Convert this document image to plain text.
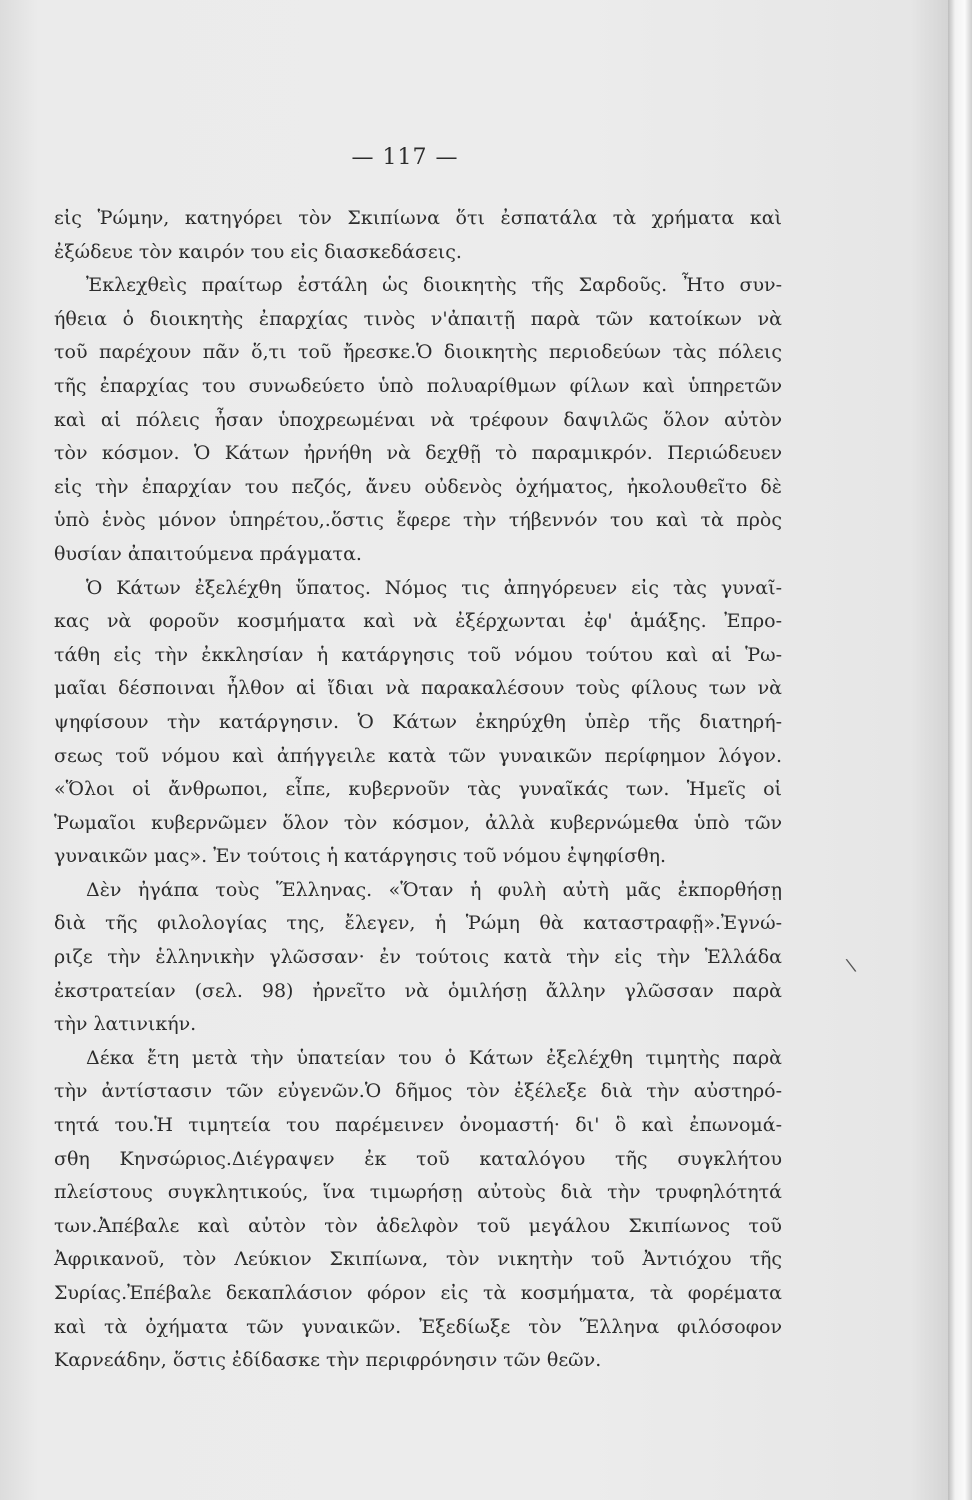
— 117 —
εἰς Ῥώμην, κατηγόρει τὸν Σκιπίωνα ὅτι ἐσπατάλα τὰ χρήματα καὶ
ἐξώδευε τὸν καιρόν του εἰς διασκεδάσεις.
Ἐκλεχθεὶς πραίτωρ ἐστάλη ὡς διοικητὴς τῆς Σαρδοῦς. Ἦτο συν-
ήθεια ὁ διοικητὴς ἐπαρχίας τινὸς ν'ἀπαιτῇ παρὰ τῶν κατοίκων νὰ
τοῦ παρέχουν πᾶν ὅ,τι τοῦ ἤρεσκε.Ὁ διοικητὴς περιοδεύων τὰς πόλεις
τῆς ἐπαρχίας του συνωδεύετο ὑπὸ πολυαρίθμων φίλων καὶ ὑπηρετῶν
καὶ αἱ πόλεις ἦσαν ὑποχρεωμέναι νὰ τρέφουν δαψιλῶς ὅλον αὐτὸν
τὸν κόσμον. Ὁ Κάτων ἠρνήθη νὰ δεχθῇ τὸ παραμικρόν. Περιώδευεν
εἰς τὴν ἐπαρχίαν του πεζός, ἄνευ οὐδενὸς ὀχήματος, ἠκολουθεῖτο δὲ
ὑπὸ ἑνὸς μόνον ὑπηρέτου,.ὅστις ἔφερε τὴν τήβεννόν του καὶ τὰ πρὸς
θυσίαν ἀπαιτούμενα πράγματα.
Ὁ Κάτων ἐξελέχθη ὕπατος. Νόμος τις ἀπηγόρευεν εἰς τὰς γυναῖ-
κας νὰ φοροῦν κοσμήματα καὶ νὰ ἐξέρχωνται ἐφ' ἁμάξης. Ἐπρο-
τάθη εἰς τὴν ἐκκλησίαν ἡ κατάργησις τοῦ νόμου τούτου καὶ αἱ Ῥω-
μαῖαι δέσποιναι ἦλθον αἱ ἴδιαι νὰ παρακαλέσουν τοὺς φίλους των νὰ
ψηφίσουν τὴν κατάργησιν. Ὁ Κάτων ἐκηρύχθη ὑπὲρ τῆς διατηρή-
σεως τοῦ νόμου καὶ ἀπήγγειλε κατὰ τῶν γυναικῶν περίφημον λόγον.
«Ὅλοι οἱ ἄνθρωποι, εἶπε, κυβερνοῦν τὰς γυναῖκάς των. Ἡμεῖς οἱ
Ῥωμαῖοι κυβερνῶμεν ὅλον τὸν κόσμον, ἀλλὰ κυβερνώμεθα ὑπὸ τῶν
γυναικῶν μας». Ἐν τούτοις ἡ κατάργησις τοῦ νόμου ἐψηφίσθη.
Δὲν ἠγάπα τοὺς Ἕλληνας. «Ὅταν ἡ φυλὴ αὐτὴ μᾶς ἐκπορθήσῃ
διὰ τῆς φιλολογίας της, ἔλεγεν, ἡ Ῥώμη θὰ καταστραφῇ».Ἐγνώ-
ριζε τὴν ἑλληνικὴν γλῶσσαν· ἐν τούτοις κατὰ τὴν εἰς τὴν Ἑλλάδα
ἐκστρατείαν (σελ. 98) ἠρνεῖτο νὰ ὁμιλήσῃ ἄλλην γλῶσσαν παρὰ
τὴν λατινικήν.
Δέκα ἔτη μετὰ τὴν ὑπατείαν του ὁ Κάτων ἐξελέχθη τιμητὴς παρὰ
τὴν ἀντίστασιν τῶν εὐγενῶν.Ὁ δῆμος τὸν ἐξέλεξε διὰ τὴν αὐστηρό-
τητά του.Ἡ τιμητεία του παρέμεινεν ὀνομαστή· δι' ὃ καὶ ἐπωνομά-
σθη Κηνσώριος.Διέγραψεν ἐκ τοῦ καταλόγου τῆς συγκλήτου
πλείστους συγκλητικούς, ἵνα τιμωρήσῃ αὐτοὺς διὰ τὴν τρυφηλότητά
των.Ἀπέβαλε καὶ αὐτὸν τὸν ἀδελφὸν τοῦ μεγάλου Σκιπίωνος τοῦ
Ἀφρικανοῦ, τὸν Λεύκιον Σκιπίωνα, τὸν νικητὴν τοῦ Ἀντιόχου τῆς
Συρίας.Ἐπέβαλε δεκαπλάσιον φόρον εἰς τὰ κοσμήματα, τὰ φορέματα
καὶ τὰ ὀχήματα τῶν γυναικῶν. Ἐξεδίωξε τὸν Ἕλληνα φιλόσοφον
Καρνεάδην, ὅστις ἐδίδασκε τὴν περιφρόνησιν τῶν θεῶν.
\
